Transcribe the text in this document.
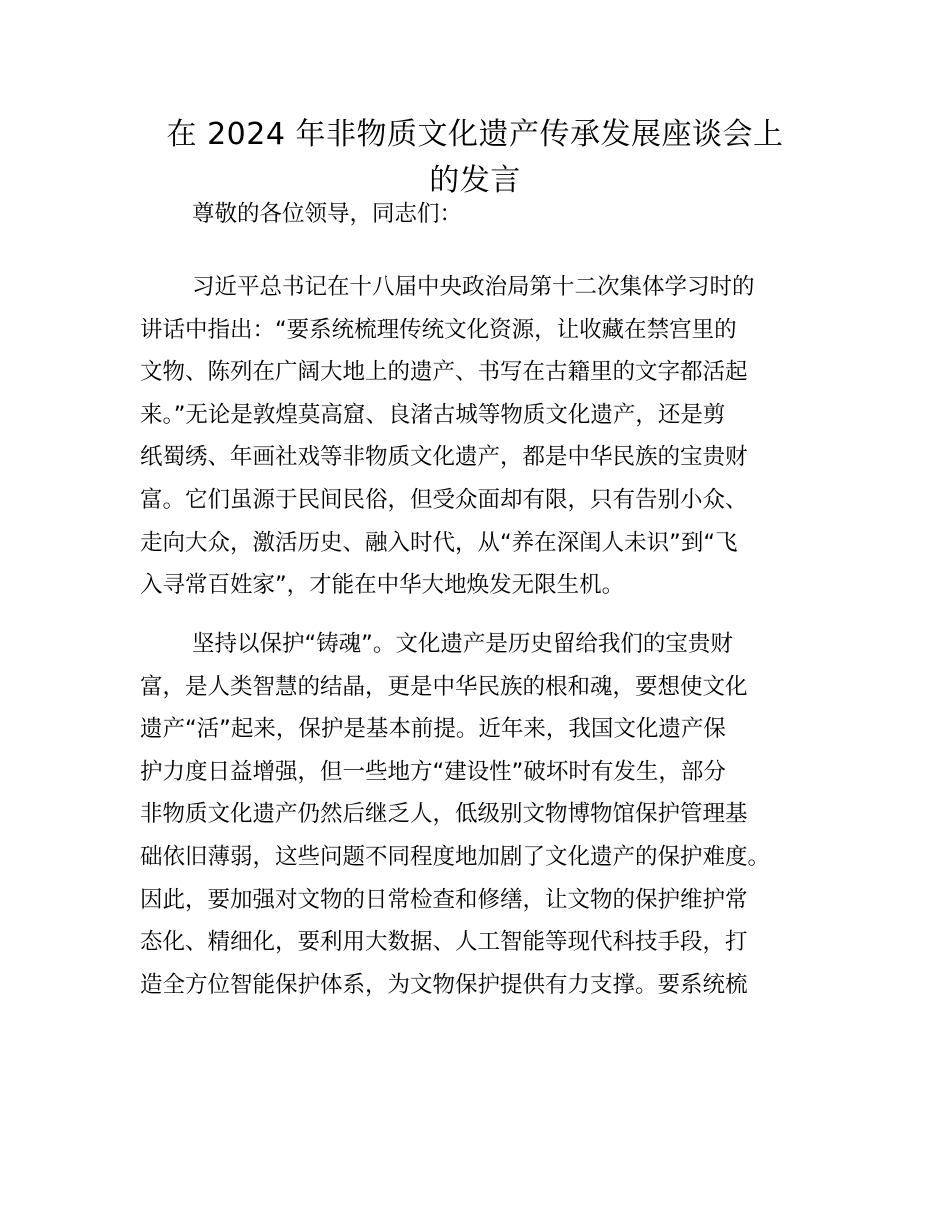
在 2024 年非物质文化遗产传承发展座谈会上
的发言

尊敬的各位领导，同志们：

习近平总书记在十八届中央政治局第十二次集体学习时的
讲话中指出：“要系统梳理传统文化资源，让收藏在禁宫里的
文物、陈列在广阔大地上的遗产、书写在古籍里的文字都活起
来。”无论是敦煌莫高窟、良渚古城等物质文化遗产，还是剪
纸蜀绣、年画社戏等非物质文化遗产，都是中华民族的宝贵财
富。它们虽源于民间民俗，但受众面却有限，只有告别小众、
走向大众，激活历史、融入时代，从“养在深闺人未识”到“飞
入寻常百姓家”，才能在中华大地焕发无限生机。

坚持以保护“铸魂”。文化遗产是历史留给我们的宝贵财
富，是人类智慧的结晶，更是中华民族的根和魂，要想使文化
遗产“活”起来，保护是基本前提。近年来，我国文化遗产保
护力度日益增强，但一些地方“建设性”破坏时有发生，部分
非物质文化遗产仍然后继乏人，低级别文物博物馆保护管理基
础依旧薄弱，这些问题不同程度地加剧了文化遗产的保护难度。
因此，要加强对文物的日常检查和修缮，让文物的保护维护常
态化、精细化，要利用大数据、人工智能等现代科技手段，打
造全方位智能保护体系，为文物保护提供有力支撑。要系统梳
